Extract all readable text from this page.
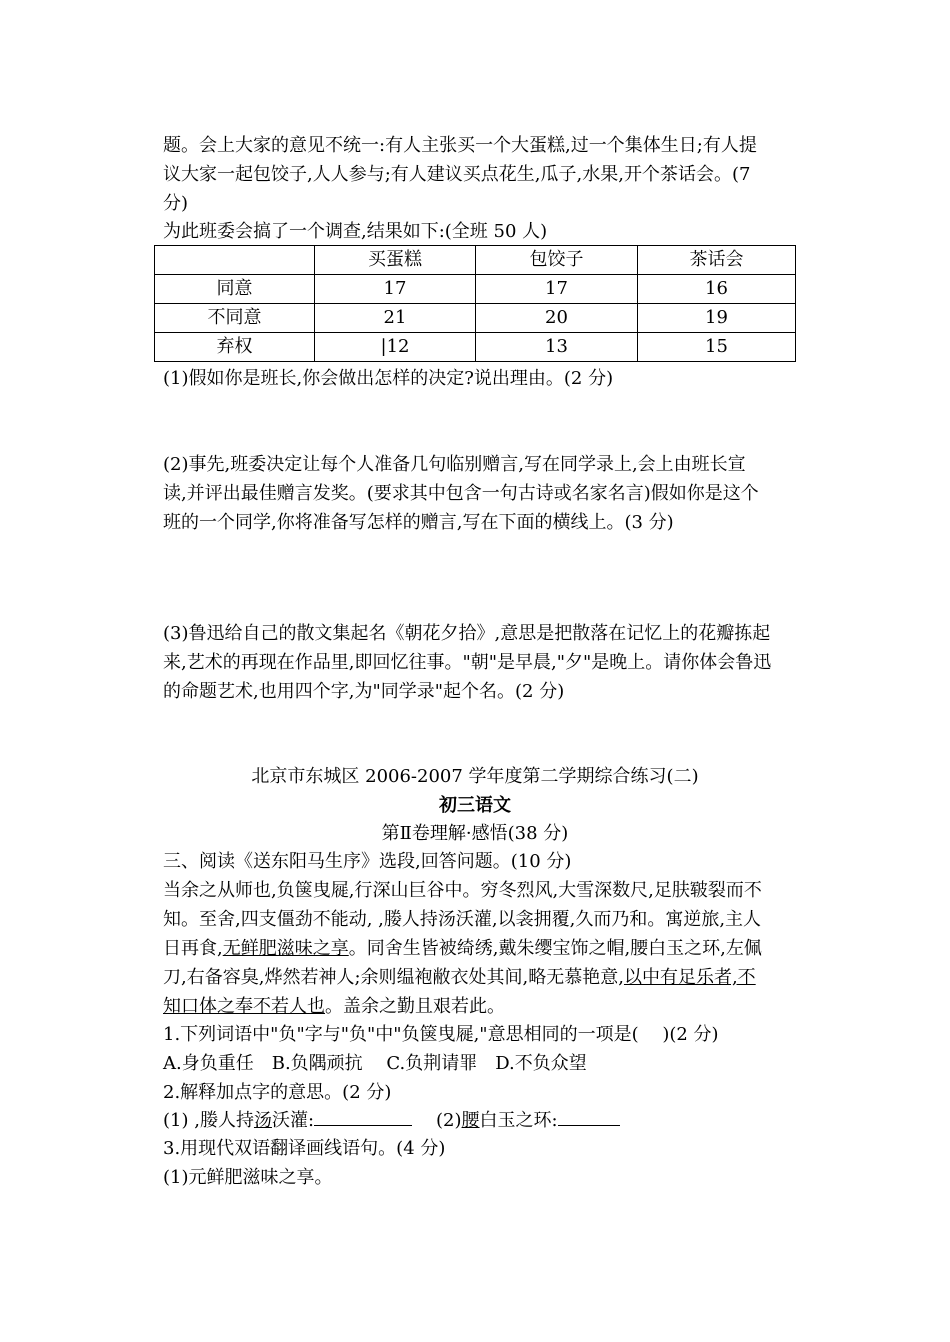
题。会上大家的意见不统一:有人主张买一个大蛋糕,过一个集体生日;有人提

议大家一起包饺子,人人参与;有人建议买点花生,瓜子,水果,开个茶话会。(7

分)

为此班委会搞了一个调查,结果如下:(全班 50 人)

	买蛋糕	包饺子	茶话会
同意	17	17	16
不同意	21	20	19
弃权	|12	13	15

(1)假如你是班长,你会做出怎样的决定?说出理由。(2 分)

(2)事先,班委决定让每个人准备几句临别赠言,写在同学录上,会上由班长宣

读,并评出最佳赠言发奖。(要求其中包含一句古诗或名家名言)假如你是这个

班的一个同学,你将准备写怎样的赠言,写在下面的横线上。(3 分)

(3)鲁迅给自己的散文集起名《朝花夕拾》,意思是把散落在记忆上的花瓣拣起

来,艺术的再现在作品里,即回忆往事。"朝"是早晨,"夕"是晚上。请你体会鲁迅

的命题艺术,也用四个字,为"同学录"起个名。(2 分)

北京市东城区 2006-2007 学年度第二学期综合练习(二)
初三语文
第Ⅱ卷理解·感悟(38 分)

三、阅读《送东阳马生序》选段,回答问题。(10 分)

当余之从师也,负箧曳屣,行深山巨谷中。穷冬烈风,大雪深数尺,足肤皲裂而不

知。至舍,四支僵劲不能动, ,媵人持汤沃灌,以衾拥覆,久而乃和。寓逆旅,主人

日再食,无鲜肥滋味之享。同舍生皆被绮绣,戴朱缨宝饰之帽,腰白玉之环,左佩

刀,右备容臭,烨然若神人;余则缊袍敝衣处其间,略无慕艳意,以中有足乐者,不

知口体之奉不若人也。盖余之勤且艰若此。

1.下列词语中"负"字与"负"中"负箧曳屣,"意思相同的一项是(　 )(2 分)

A.身负重任　B.负隅顽抗　 C.负荆请罪　D.不负众望

2.解释加点字的意思。(2 分)

(1) ,媵人持汤沃灌:	(2)腰白玉之环:

3.用现代双语翻译画线语句。(4 分)

(1)元鲜肥滋味之享。
